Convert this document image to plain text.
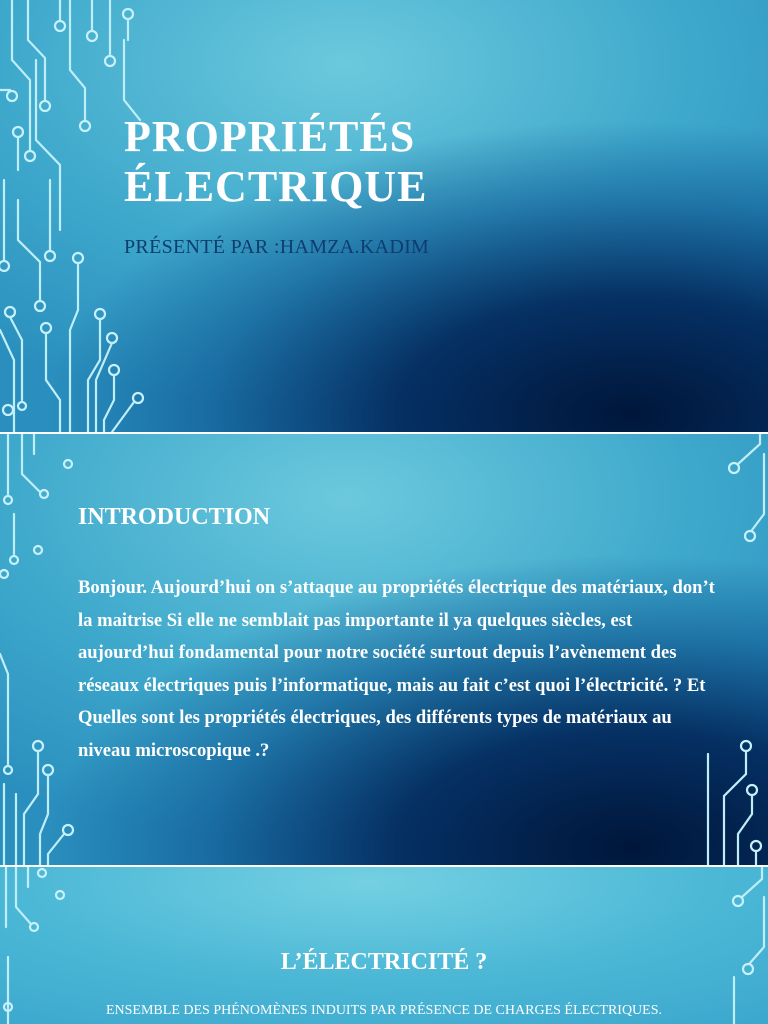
PROPRIÉTÉS
ÉLECTRIQUE
PRÉSENTÉ PAR :HAMZA.KADIM
INTRODUCTION

Bonjour. Aujourd’hui on s’attaque au propriétés électrique des matériaux, don’t la maitrise Si elle ne semblait pas importante il ya quelques siècles, est aujourd’hui fondamental pour notre société surtout depuis l’avènement des réseaux électriques puis l’informatique, mais au fait c’est quoi l’électricité. ? Et Quelles sont les propriétés électriques, des différents types de matériaux au niveau microscopique .?

L’ÉLECTRICITÉ ?

ENSEMBLE DES PHÉNOMÈNES INDUITS PAR PRÉSENCE DE CHARGES ÉLECTRIQUES.
